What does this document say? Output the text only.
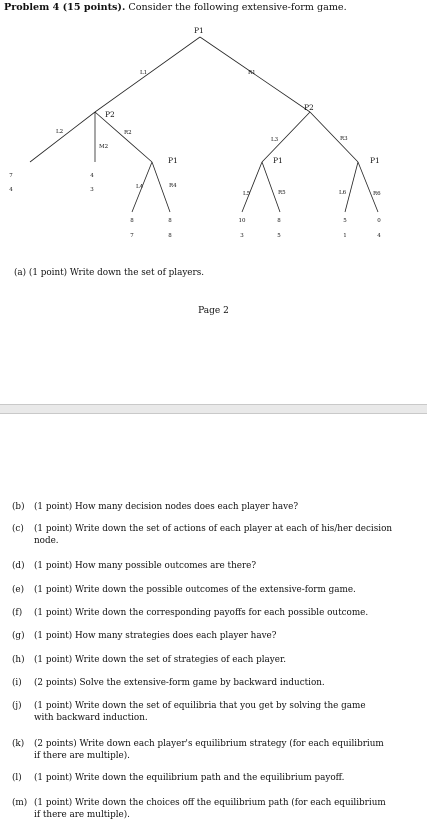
Problem 4 (15 points). Consider the following extensive-form game.
P1
P2
P2
P1	P1	P1
L1	R1
L2
M2
R2
L3	R3
L4	R4
L5	R5	L6	R6
7
4
4
3
8
7
8
8
10
3
8
5
5
1
0
4
(a) (1 point) Write down the set of players.
Page 2
(b) (1 point) How many decision nodes does each player have?
(c) (1 point) Write down the set of actions of each player at each of his/her decision
node.
(d) (1 point) How many possible outcomes are there?
(e) (1 point) Write down the possible outcomes of the extensive-form game.
(f) (1 point) Write down the corresponding payoffs for each possible outcome.
(g) (1 point) How many strategies does each player have?
(h) (1 point) Write down the set of strategies of each player.
(i) (2 points) Solve the extensive-form game by backward induction.
(j) (1 point) Write down the set of equilibria that you get by solving the game
with backward induction.
(k) (2 points) Write down each player's equilibrium strategy (for each equilibrium
if there are multiple).
(l) (1 point) Write down the equilibrium path and the equilibrium payoff.
(m) (1 point) Write down the choices off the equilibrium path (for each equilibrium
if there are multiple).
